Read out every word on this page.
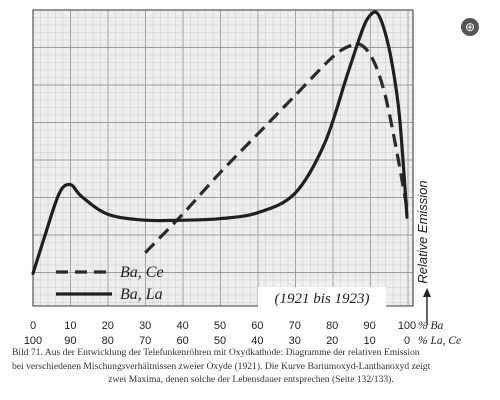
Relative Emission
Ba, Ce
Ba, La	(1921 bis 1923)
0	10 20 30 40 50 60 70 80 90 100
100 90 80 70 60 50 40 30 20 10	0
% Ba
% La, Ce
⊕

Bild 71. Aus der Entwicklung der Telefunkenröhren mit Oxydkathode: Diagramme der relativen Emission

bei verschiedenen Mischungsverhältnissen zweier Oxyde (1921). Die Kurve Bariumoxyd-Lanthanoxyd zeigt

zwei Maxima, denen solche der Lebensdauer entsprechen (Seite 132/133).
